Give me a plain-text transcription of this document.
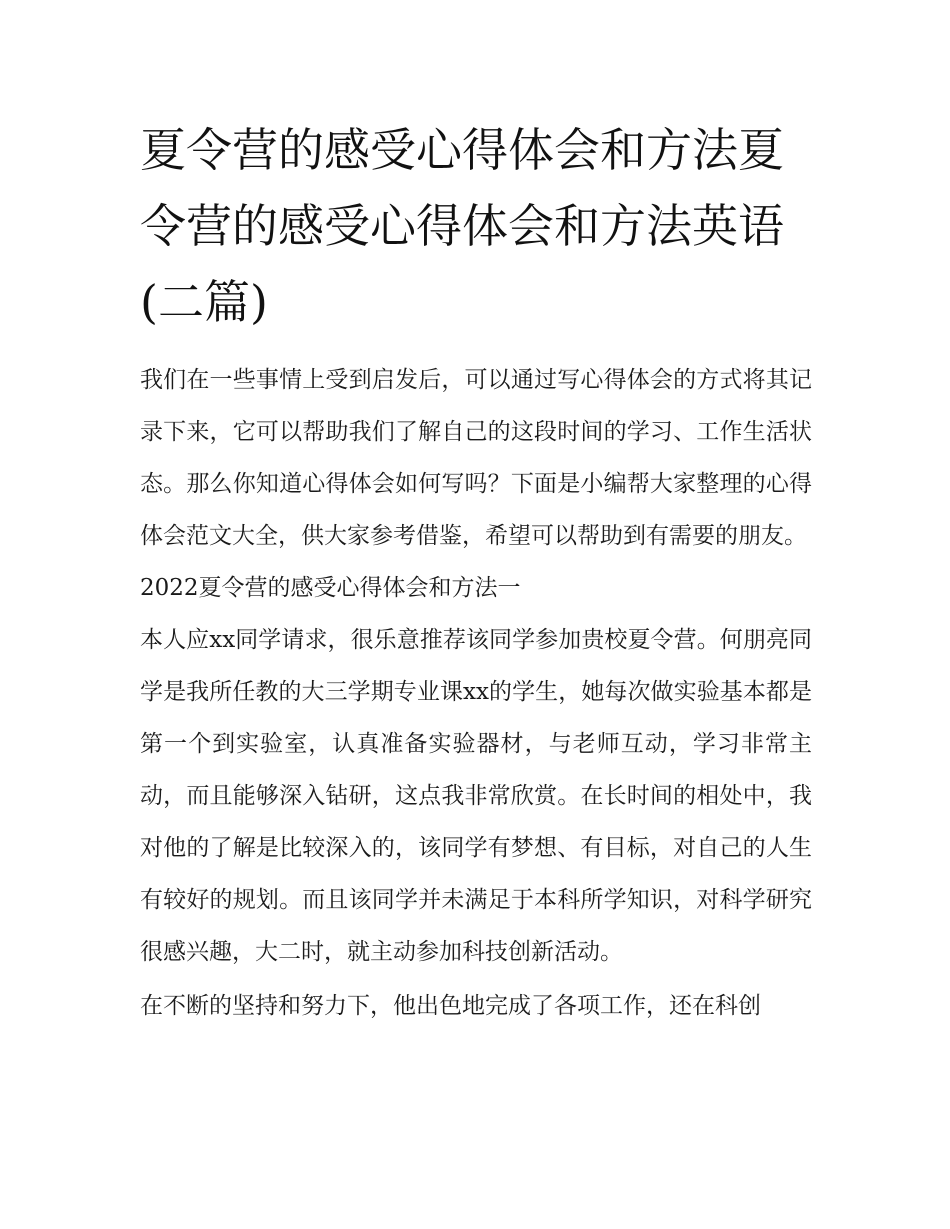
夏令营的感受心得体会和方法夏令营的感受心得体会和方法英语(二篇)

我们在一些事情上受到启发后，可以通过写心得体会的方式将其记录下来，它可以帮助我们了解自己的这段时间的学习、工作生活状态。那么你知道心得体会如何写吗？下面是小编帮大家整理的心得体会范文大全，供大家参考借鉴，希望可以帮助到有需要的朋友。

2022夏令营的感受心得体会和方法一

本人应xx同学请求，很乐意推荐该同学参加贵校夏令营。何朋亮同学是我所任教的大三学期专业课xx的学生，她每次做实验基本都是第一个到实验室，认真准备实验器材，与老师互动，学习非常主动，而且能够深入钻研，这点我非常欣赏。在长时间的相处中，我对他的了解是比较深入的，该同学有梦想、有目标，对自己的人生有较好的规划。而且该同学并未满足于本科所学知识，对科学研究很感兴趣，大二时，就主动参加科技创新活动。

在不断的坚持和努力下，他出色地完成了各项工作，还在科创
